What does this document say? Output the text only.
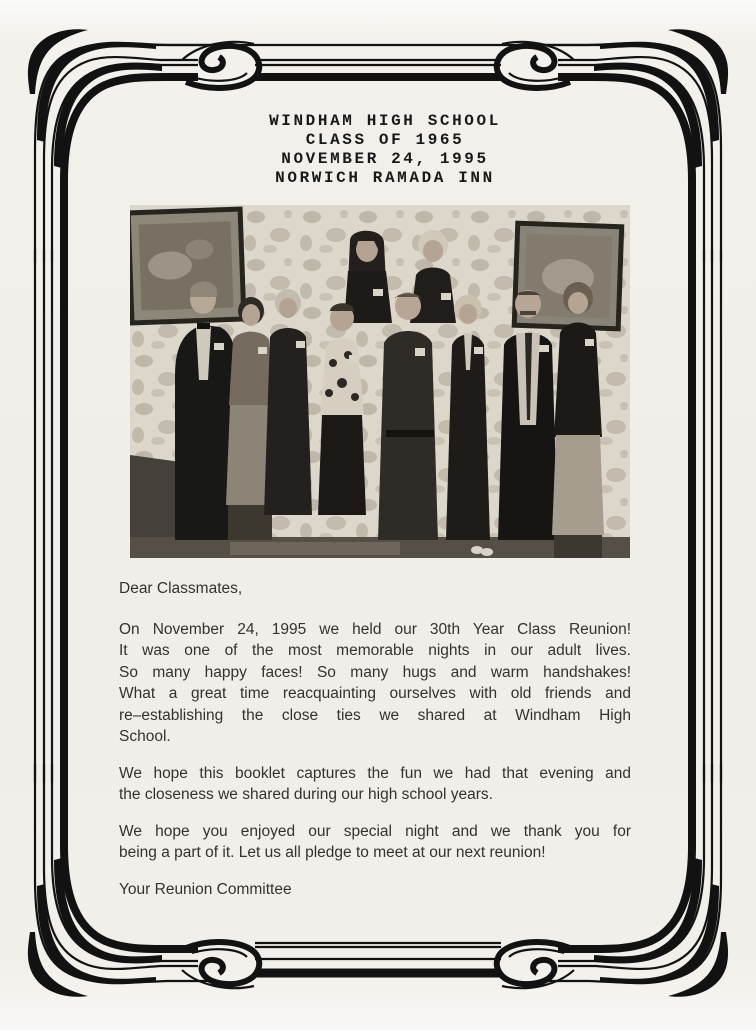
WINDHAM HIGH SCHOOL
CLASS OF 1965
NOVEMBER 24, 1995
NORWICH RAMADA INN
Dear Classmates,
On November 24, 1995 we held our 30th Year Class Reunion!
It was one of the most memorable nights in our adult lives.
So many happy faces! So many hugs and warm handshakes!
What a great time reacquainting ourselves with old friends and
re–establishing the close ties we shared at Windham High
School.
We hope this booklet captures the fun we had that evening and
the closeness we shared during our high school years.
We hope you enjoyed our special night and we thank you for
being a part of it. Let us all pledge to meet at our next reunion!
Your Reunion Committee
